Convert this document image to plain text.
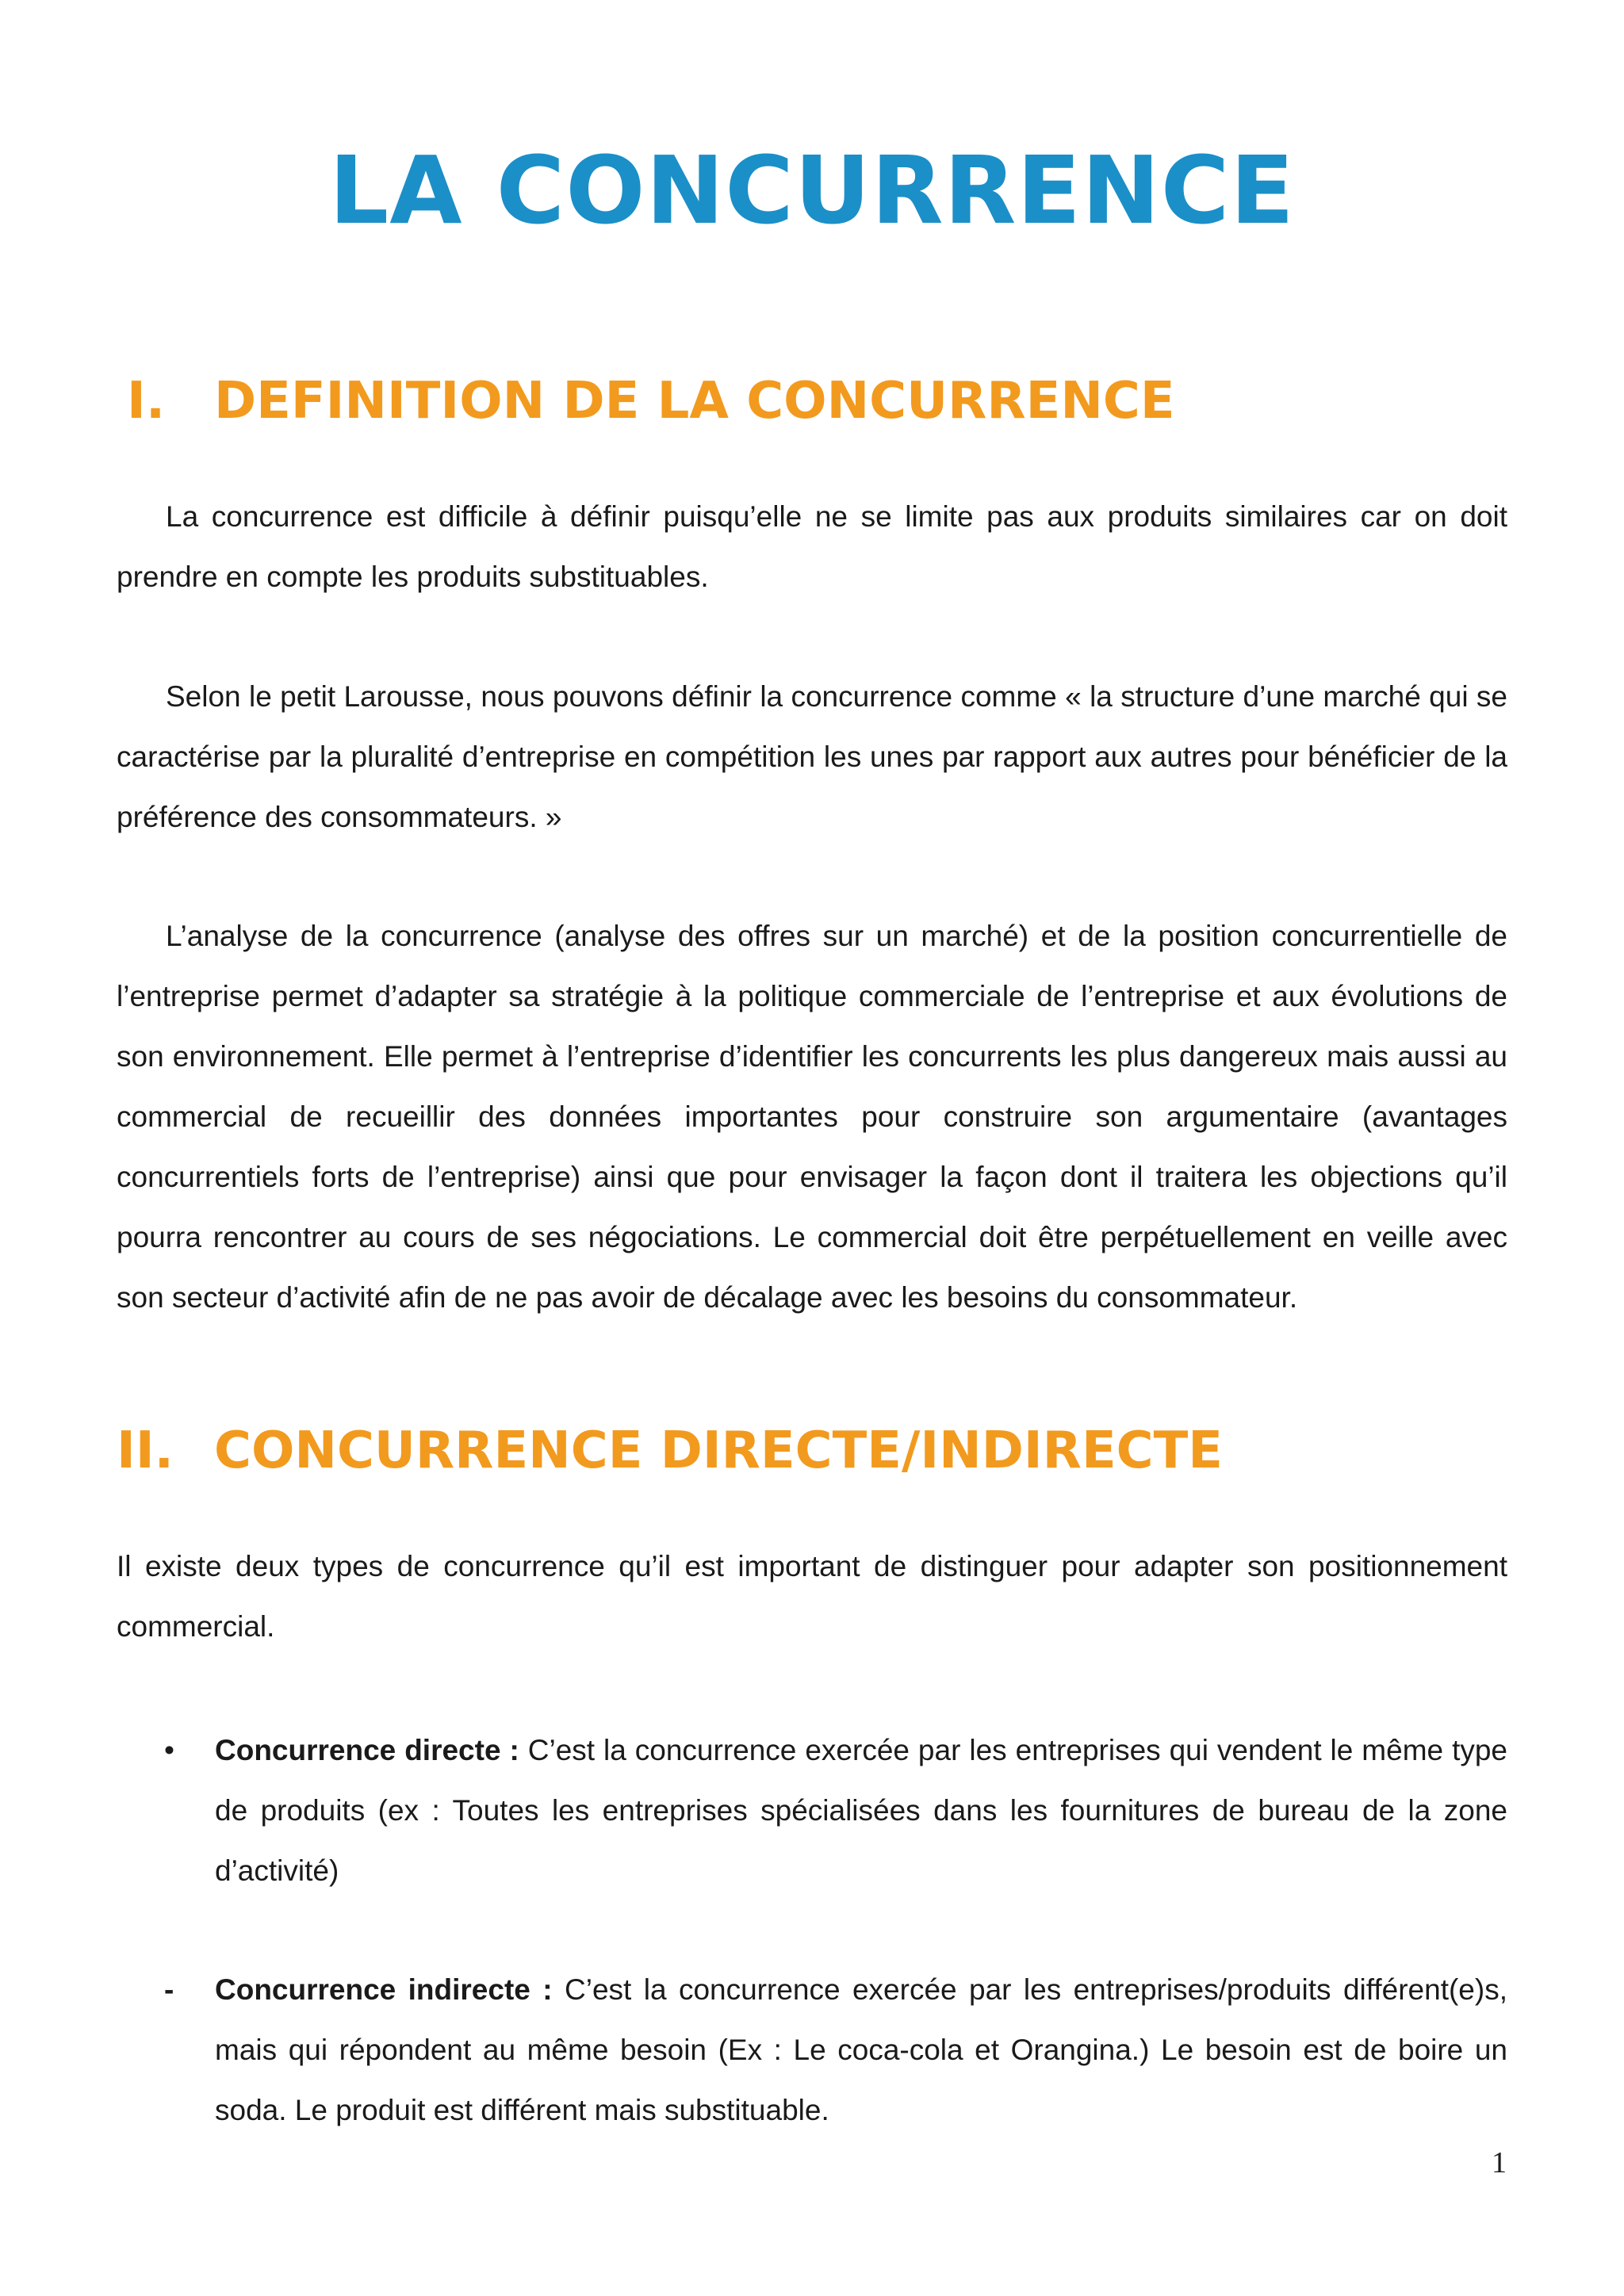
LA CONCURRENCE
I. DEFINITION DE LA CONCURRENCE

La concurrence est difficile à définir puisqu’elle ne se limite pas aux produits similaires car on doit prendre en compte les produits substituables.

Selon le petit Larousse, nous pouvons définir la concurrence comme « la structure d’une marché qui se caractérise par la pluralité d’entreprise en compétition les unes par rapport aux autres pour bénéficier de la préférence des consommateurs. »

L’analyse de la concurrence (analyse des offres sur un marché) et de la position concurrentielle de l’entreprise permet d’adapter sa stratégie à la politique commerciale de l’entreprise et aux évolutions de son environnement. Elle permet à l’entreprise d’identifier les concurrents les plus dangereux mais aussi au commercial de recueillir des données importantes pour construire son argumentaire (avantages concurrentiels forts de l’entreprise) ainsi que pour envisager la façon dont il traitera les objections qu’il pourra rencontrer au cours de ses négociations. Le commercial doit être perpétuellement en veille avec son secteur d’activité afin de ne pas avoir de décalage avec les besoins du consommateur.

II. CONCURRENCE DIRECTE/INDIRECTE

Il existe deux types de concurrence qu’il est important de distinguer pour adapter son positionnement commercial.

• Concurrence directe : C’est la concurrence exercée par les entreprises qui vendent le même type de produits (ex : Toutes les entreprises spécialisées dans les fournitures de bureau de la zone d’activité)
- Concurrence indirecte : C’est la concurrence exercée par les entreprises/produits différent(e)s, mais qui répondent au même besoin (Ex : Le coca-cola et Orangina.) Le besoin est de boire un soda. Le produit est différent mais substituable.
1
